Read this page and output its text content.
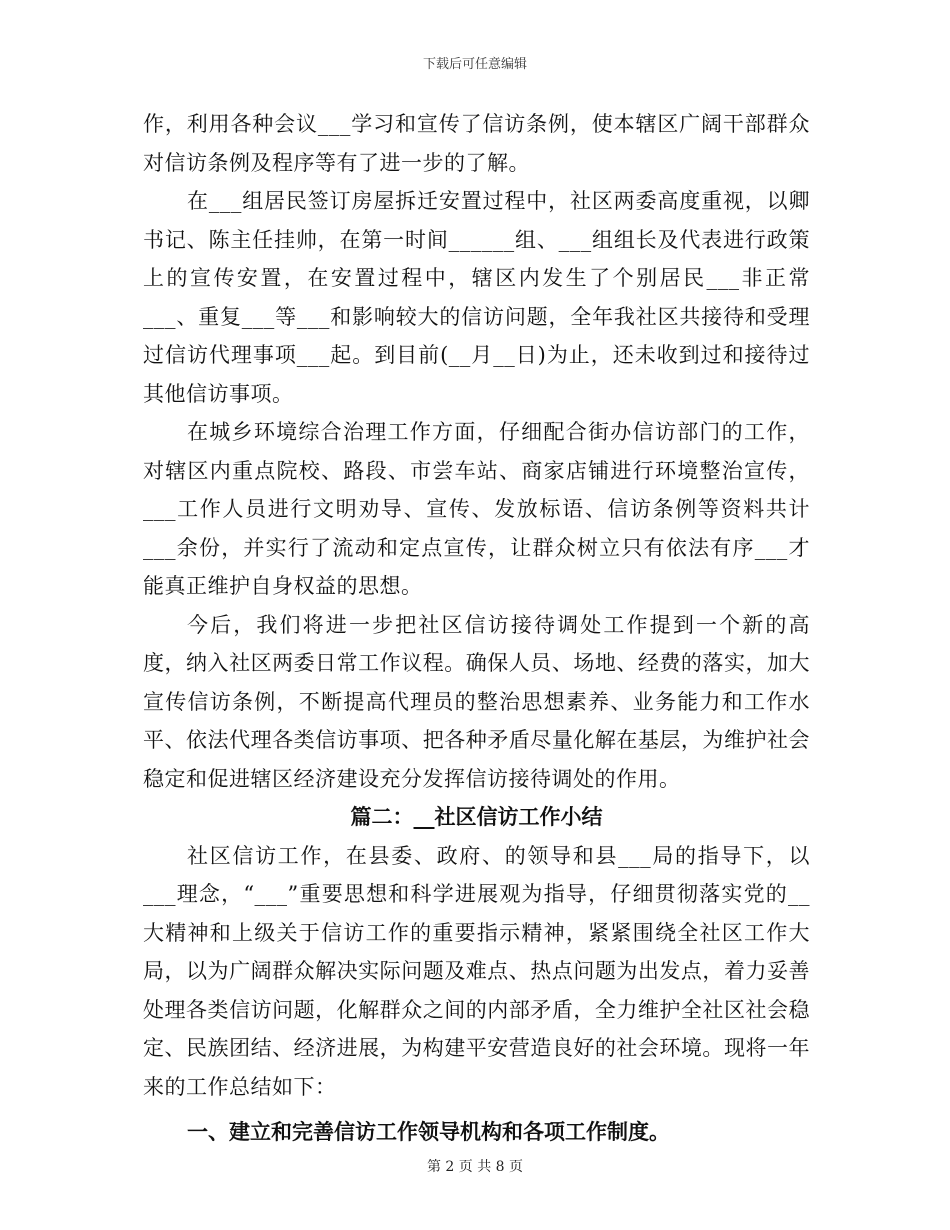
下载后可任意编辑

作，利用各种会议___学习和宣传了信访条例，使本辖区广阔干部群众对信访条例及程序等有了进一步的了解。

在___组居民签订房屋拆迁安置过程中，社区两委高度重视，以卿书记、陈主任挂帅，在第一时间______组、___组组长及代表进行政策上的宣传安置，在安置过程中，辖区内发生了个别居民___非正常___、重复___等___和影响较大的信访问题，全年我社区共接待和受理过信访代理事项___起。到目前(__月__日)为止，还未收到过和接待过其他信访事项。

在城乡环境综合治理工作方面，仔细配合街办信访部门的工作，对辖区内重点院校、路段、市尝车站、商家店铺进行环境整治宣传，___工作人员进行文明劝导、宣传、发放标语、信访条例等资料共计___余份，并实行了流动和定点宣传，让群众树立只有依法有序___才能真正维护自身权益的思想。

今后，我们将进一步把社区信访接待调处工作提到一个新的高度，纳入社区两委日常工作议程。确保人员、场地、经费的落实，加大宣传信访条例，不断提高代理员的整治思想素养、业务能力和工作水平、依法代理各类信访事项、把各种矛盾尽量化解在基层，为维护社会稳定和促进辖区经济建设充分发挥信访接待调处的作用。

篇二：__社区信访工作小结

社区信访工作，在县委、政府、的领导和县___局的指导下，以___理念，“___”重要思想和科学进展观为指导，仔细贯彻落实党的__大精神和上级关于信访工作的重要指示精神，紧紧围绕全社区工作大局，以为广阔群众解决实际问题及难点、热点问题为出发点，着力妥善处理各类信访问题，化解群众之间的内部矛盾，全力维护全社区社会稳定、民族团结、经济进展，为构建平安营造良好的社会环境。现将一年来的工作总结如下：

一、建立和完善信访工作领导机构和各项工作制度。

第 2 页 共 8 页
